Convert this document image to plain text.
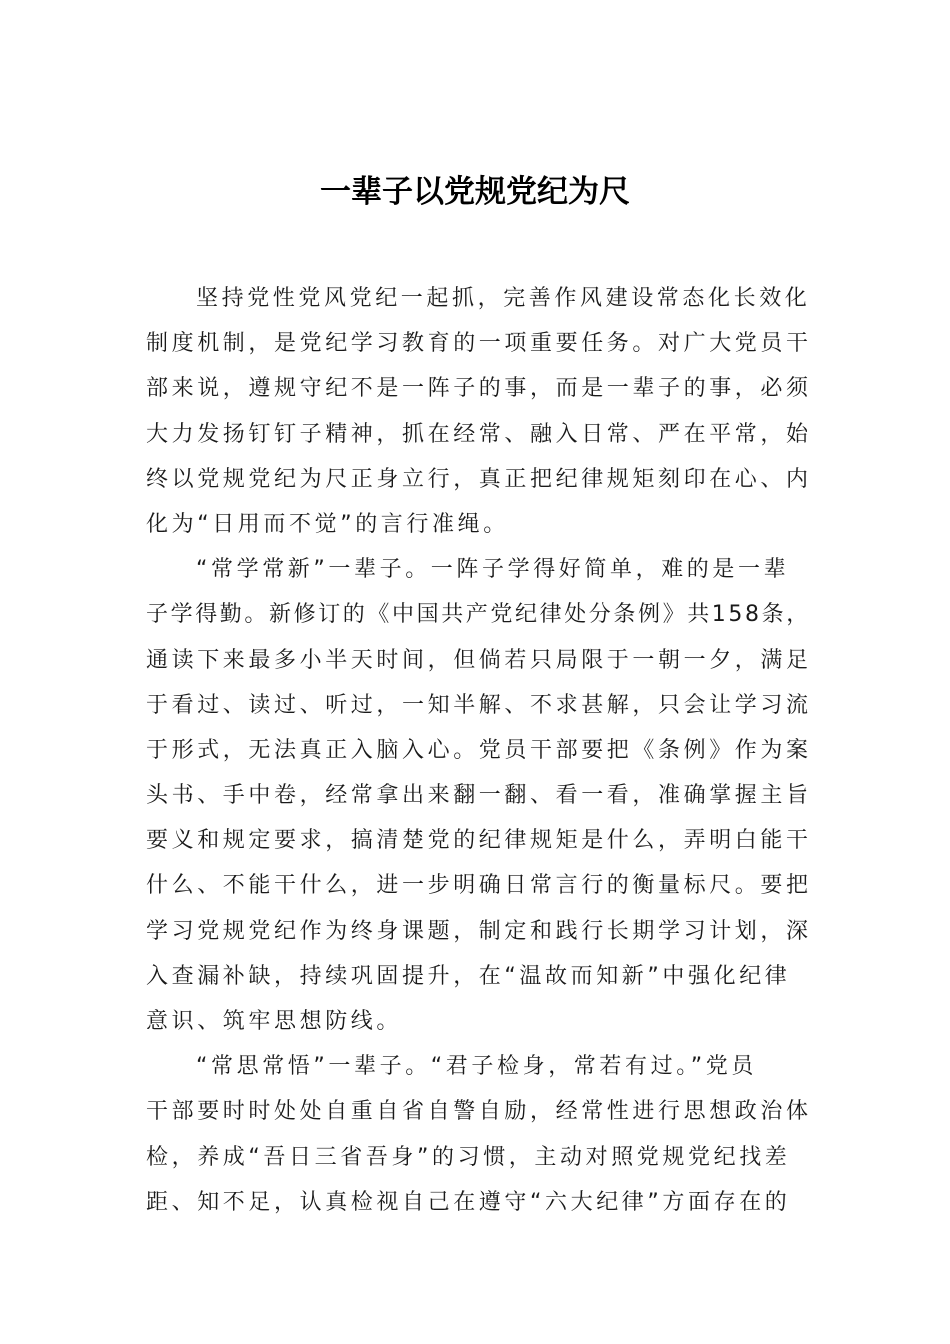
一辈子以党规党纪为尺
坚持党性党风党纪一起抓，完善作风建设常态化长效化
制度机制，是党纪学习教育的一项重要任务。对广大党员干
部来说，遵规守纪不是一阵子的事，而是一辈子的事，必须
大力发扬钉钉子精神，抓在经常、融入日常、严在平常，始
终以党规党纪为尺正身立行，真正把纪律规矩刻印在心、内
化为“日用而不觉”的言行准绳。
“常学常新”一辈子。一阵子学得好简单，难的是一辈
子学得勤。新修订的《中国共产党纪律处分条例》共158条，
通读下来最多小半天时间，但倘若只局限于一朝一夕，满足
于看过、读过、听过，一知半解、不求甚解，只会让学习流
于形式，无法真正入脑入心。党员干部要把《条例》作为案
头书、手中卷，经常拿出来翻一翻、看一看，准确掌握主旨
要义和规定要求，搞清楚党的纪律规矩是什么，弄明白能干
什么、不能干什么，进一步明确日常言行的衡量标尺。要把
学习党规党纪作为终身课题，制定和践行长期学习计划，深
入查漏补缺，持续巩固提升，在“温故而知新”中强化纪律
意识、筑牢思想防线。
“常思常悟”一辈子。“君子检身，常若有过。”党员
干部要时时处处自重自省自警自励，经常性进行思想政治体
检，养成“吾日三省吾身”的习惯，主动对照党规党纪找差
距、知不足，认真检视自己在遵守“六大纪律”方面存在的
